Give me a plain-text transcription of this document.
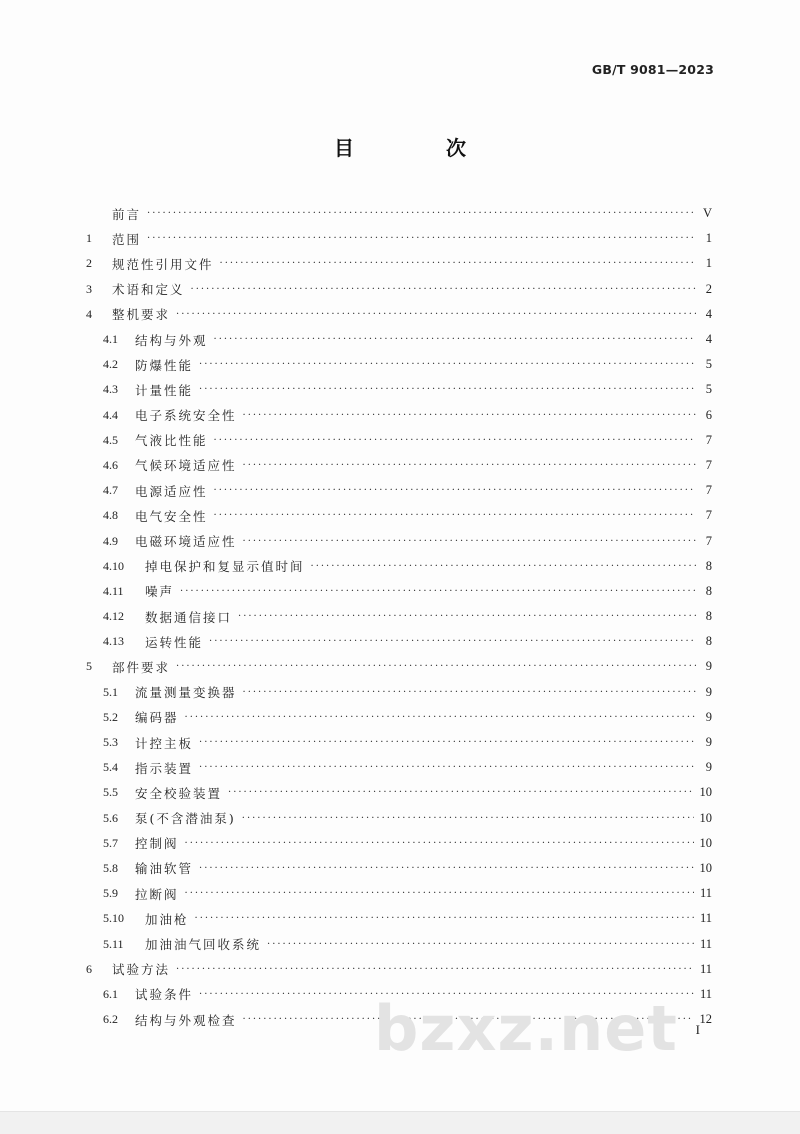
GB/T 9081—2023
目　次
前言 ·····	V
1	范围 ·····	1
2	规范性引用文件 ·····	1
3	术语和定义 ·····	2
4	整机要求 ·····	4
4.1	结构与外观 ·····	4
4.2	防爆性能 ·····	5
4.3	计量性能 ·····	5
4.4	电子系统安全性 ·····	6
4.5	气液比性能 ·····	7
4.6	气候环境适应性 ·····	7
4.7	电源适应性 ·····	7
4.8	电气安全性 ·····	7
4.9	电磁环境适应性 ·····	7
4.10	掉电保护和复显示值时间 ·····	8
4.11	噪声 ·····	8
4.12	数据通信接口 ·····	8
4.13	运转性能 ·····	8
5	部件要求 ·····	9
5.1	流量测量变换器 ·····	9
5.2	编码器 ·····	9
5.3	计控主板 ·····	9
5.4	指示装置 ·····	9
5.5	安全校验装置 ·····	10
5.6	泵(不含潜油泵) ·····	10
5.7	控制阀 ·····	10
5.8	输油软管 ·····	10
5.9	拉断阀 ·····	11
5.10	加油枪 ·····	11
5.11	加油油气回收系统 ·····	11
6	试验方法 ·····	11
6.1	试验条件 ·····	11
6.2	结构与外观检查 ·····	12
I
bzxz.net
